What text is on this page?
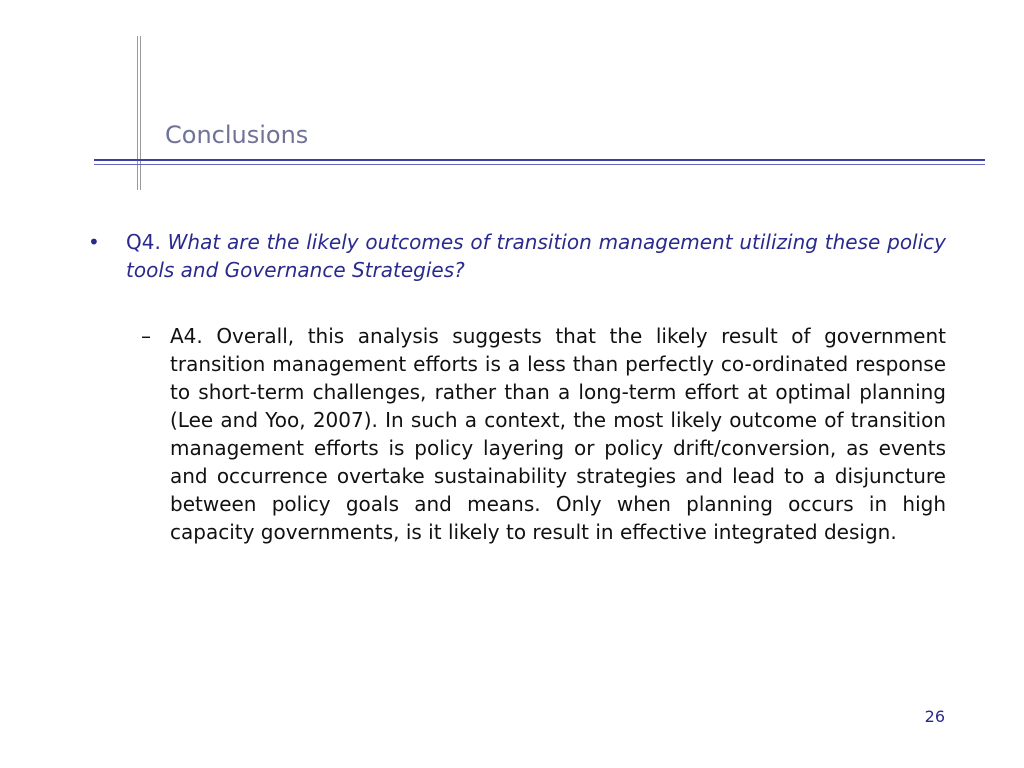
Conclusions
• Q4. What are the likely outcomes of transition management utilizing these policy tools and Governance Strategies?
– A4. Overall, this analysis suggests that the likely result of government transition management efforts is a less than perfectly co-ordinated response to short-term challenges, rather than a long-term effort at optimal planning (Lee and Yoo, 2007). In such a context, the most likely outcome of transition management efforts is policy layering or policy drift/conversion, as events and occurrence overtake sustainability strategies and lead to a disjuncture between policy goals and means. Only when planning occurs in high capacity governments, is it likely to result in effective integrated design.
26
